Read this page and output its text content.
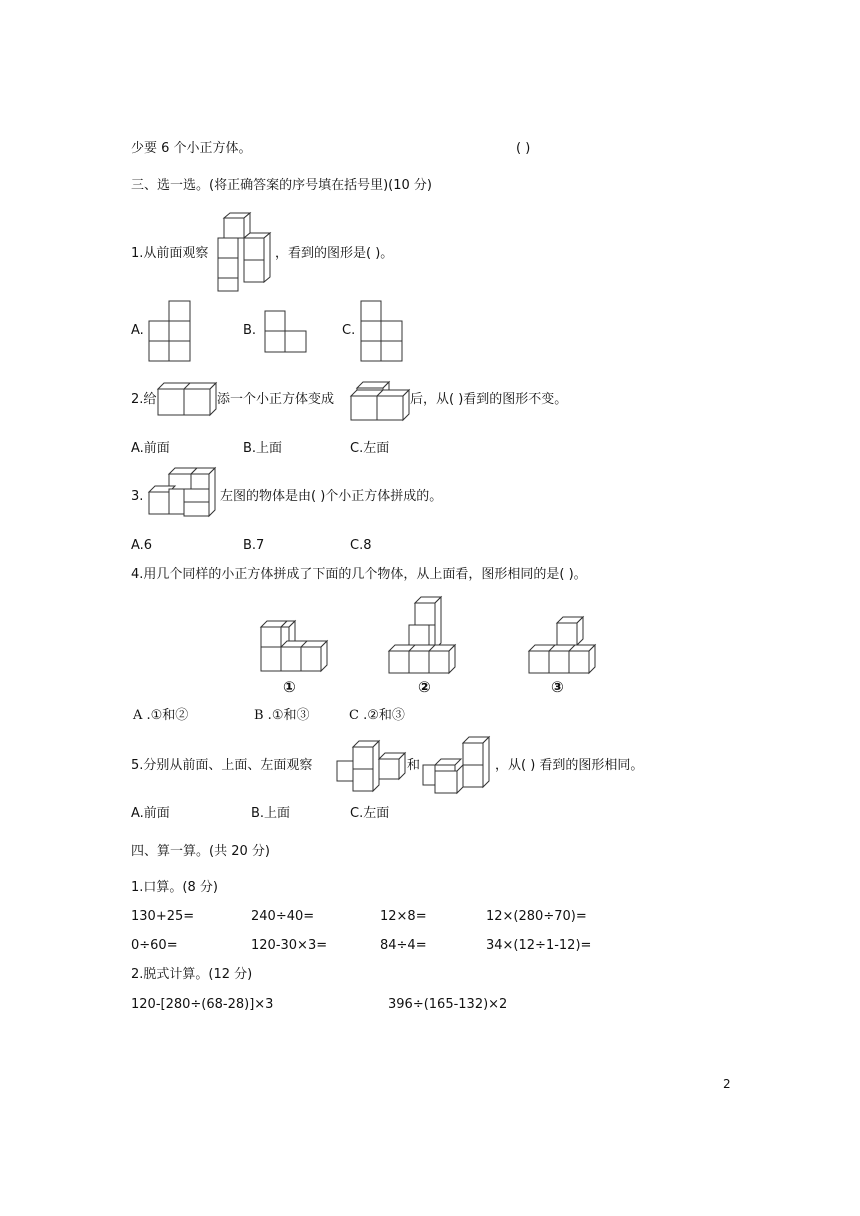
少要 6 个小正方体。	( )
三、选一选。(将正确答案的序号填在括号里)(10 分)
1.从前面观察	，看到的图形是( )。
A.	B.	C.
2.给	添一个小正方体变成	后，从( )看到的图形不变。
A.前面	B.上面	C.左面
3.	左图的物体是由( )个小正方体拼成的。
A.6	B.7	C.8
4.用几个同样的小正方体拼成了下面的几个物体，从上面看，图形相同的是( )。
①	②	③
A .①和②	B .①和③	C .②和③
5.分别从前面、上面、左面观察	和	，从( ) 看到的图形相同。
A.前面	B.上面	C.左面
四、算一算。(共 20 分)
1.口算。(8 分)
130+25=	240÷40=	12×8=	12×(280÷70)=
0÷60=	120-30×3=	84÷4=	34×(12÷1-12)=
2.脱式计算。(12 分)
120-[280÷(68-28)]×3	396÷(165-132)×2
2
